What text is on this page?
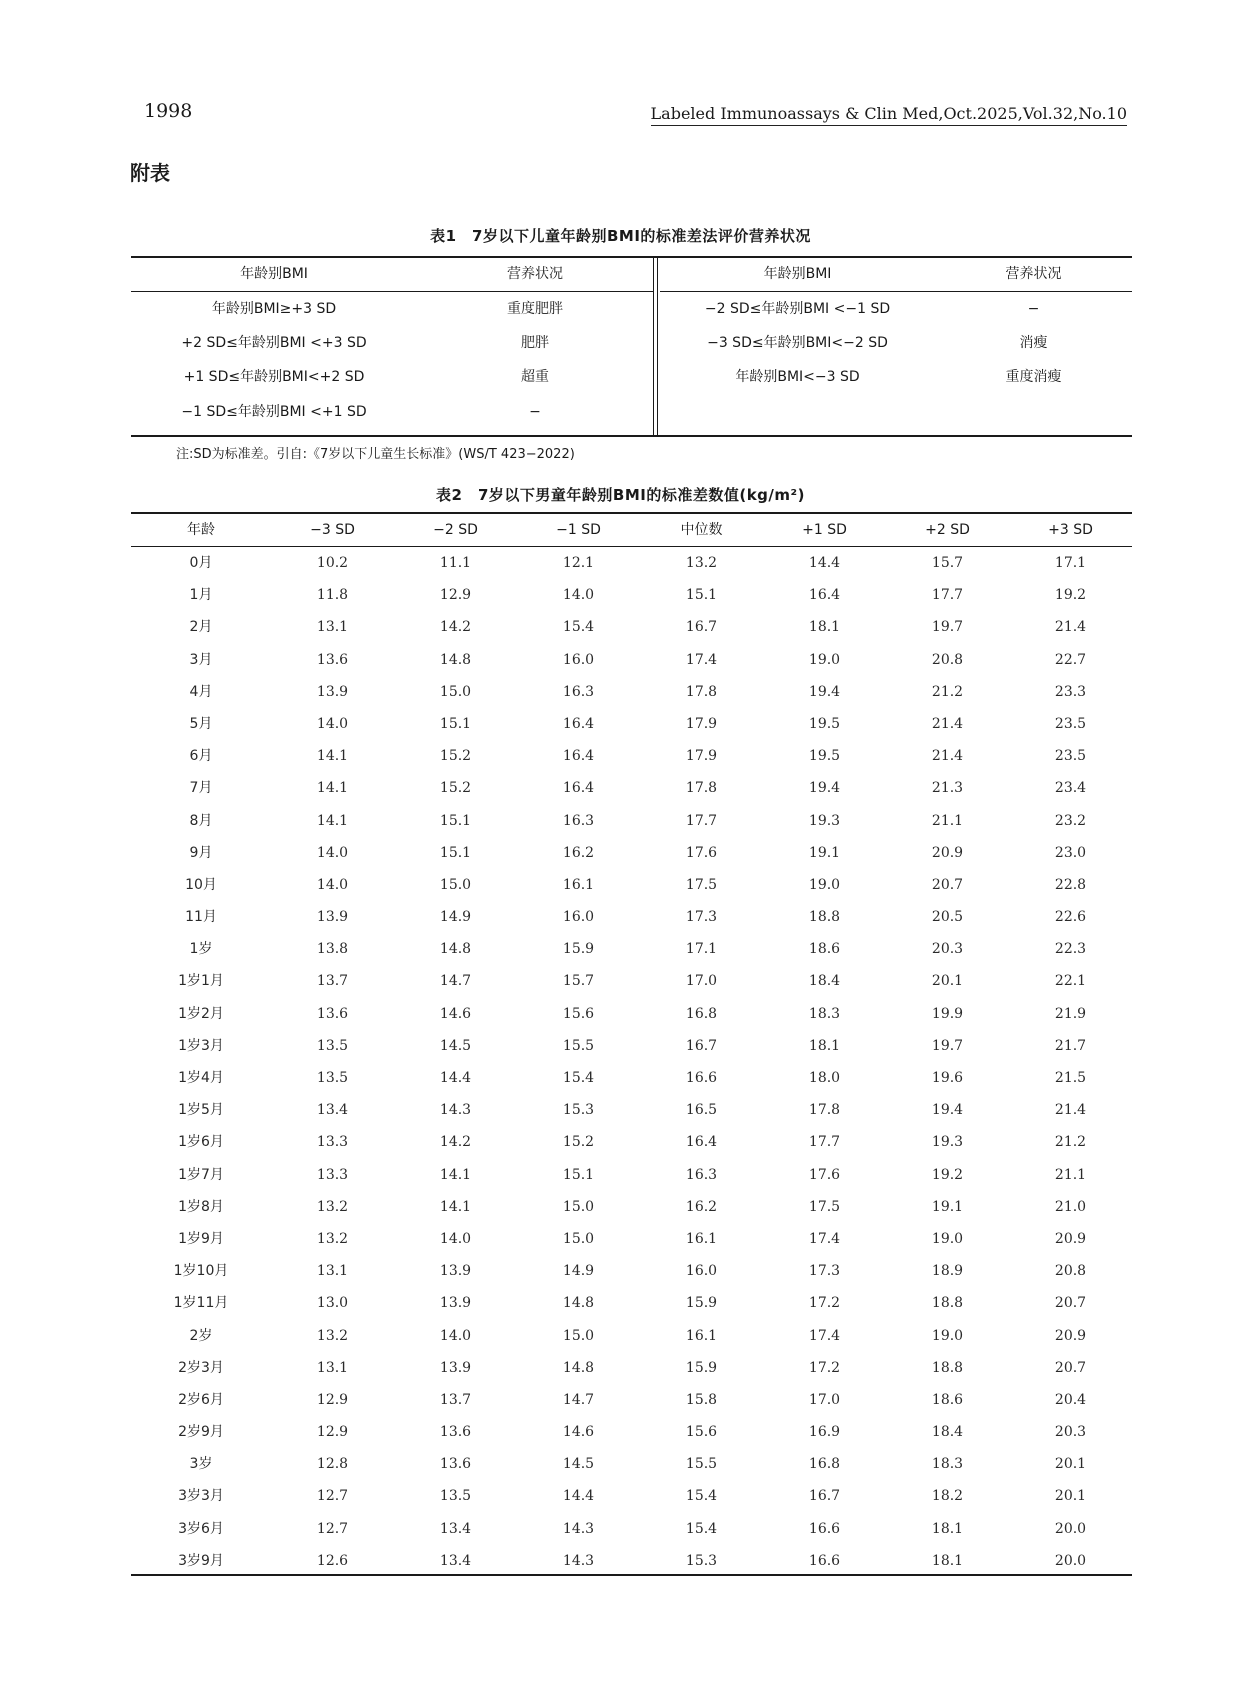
1998	Labeled Immunoassays & Clin Med,Oct.2025,Vol.32,No.10
附表
表1　7岁以下儿童年龄别BMI的标准差法评价营养状况
年龄别BMI	营养状况
年龄别BMI≥+3 SD	重度肥胖
+2 SD≤年龄别BMI <+3 SD	肥胖
+1 SD≤年龄别BMI<+2 SD	超重
−1 SD≤年龄别BMI <+1 SD	−
年龄别BMI	营养状况
−2 SD≤年龄别BMI <−1 SD	−
−3 SD≤年龄别BMI<−2 SD	消瘦
年龄别BMI<−3 SD	重度消瘦
注:SD为标准差。引自:《7岁以下儿童生长标准》(WS/T 423−2022)
表2　7岁以下男童年龄别BMI的标准差数值(kg/m²)
年龄	−3 SD	−2 SD	−1 SD	中位数	+1 SD	+2 SD	+3 SD
0月	10.2	11.1	12.1	13.2	14.4	15.7	17.1
1月	11.8	12.9	14.0	15.1	16.4	17.7	19.2
2月	13.1	14.2	15.4	16.7	18.1	19.7	21.4
3月	13.6	14.8	16.0	17.4	19.0	20.8	22.7
4月	13.9	15.0	16.3	17.8	19.4	21.2	23.3
5月	14.0	15.1	16.4	17.9	19.5	21.4	23.5
6月	14.1	15.2	16.4	17.9	19.5	21.4	23.5
7月	14.1	15.2	16.4	17.8	19.4	21.3	23.4
8月	14.1	15.1	16.3	17.7	19.3	21.1	23.2
9月	14.0	15.1	16.2	17.6	19.1	20.9	23.0
10月	14.0	15.0	16.1	17.5	19.0	20.7	22.8
11月	13.9	14.9	16.0	17.3	18.8	20.5	22.6
1岁	13.8	14.8	15.9	17.1	18.6	20.3	22.3
1岁1月	13.7	14.7	15.7	17.0	18.4	20.1	22.1
1岁2月	13.6	14.6	15.6	16.8	18.3	19.9	21.9
1岁3月	13.5	14.5	15.5	16.7	18.1	19.7	21.7
1岁4月	13.5	14.4	15.4	16.6	18.0	19.6	21.5
1岁5月	13.4	14.3	15.3	16.5	17.8	19.4	21.4
1岁6月	13.3	14.2	15.2	16.4	17.7	19.3	21.2
1岁7月	13.3	14.1	15.1	16.3	17.6	19.2	21.1
1岁8月	13.2	14.1	15.0	16.2	17.5	19.1	21.0
1岁9月	13.2	14.0	15.0	16.1	17.4	19.0	20.9
1岁10月	13.1	13.9	14.9	16.0	17.3	18.9	20.8
1岁11月	13.0	13.9	14.8	15.9	17.2	18.8	20.7
2岁	13.2	14.0	15.0	16.1	17.4	19.0	20.9
2岁3月	13.1	13.9	14.8	15.9	17.2	18.8	20.7
2岁6月	12.9	13.7	14.7	15.8	17.0	18.6	20.4
2岁9月	12.9	13.6	14.6	15.6	16.9	18.4	20.3
3岁	12.8	13.6	14.5	15.5	16.8	18.3	20.1
3岁3月	12.7	13.5	14.4	15.4	16.7	18.2	20.1
3岁6月	12.7	13.4	14.3	15.4	16.6	18.1	20.0
3岁9月	12.6	13.4	14.3	15.3	16.6	18.1	20.0
